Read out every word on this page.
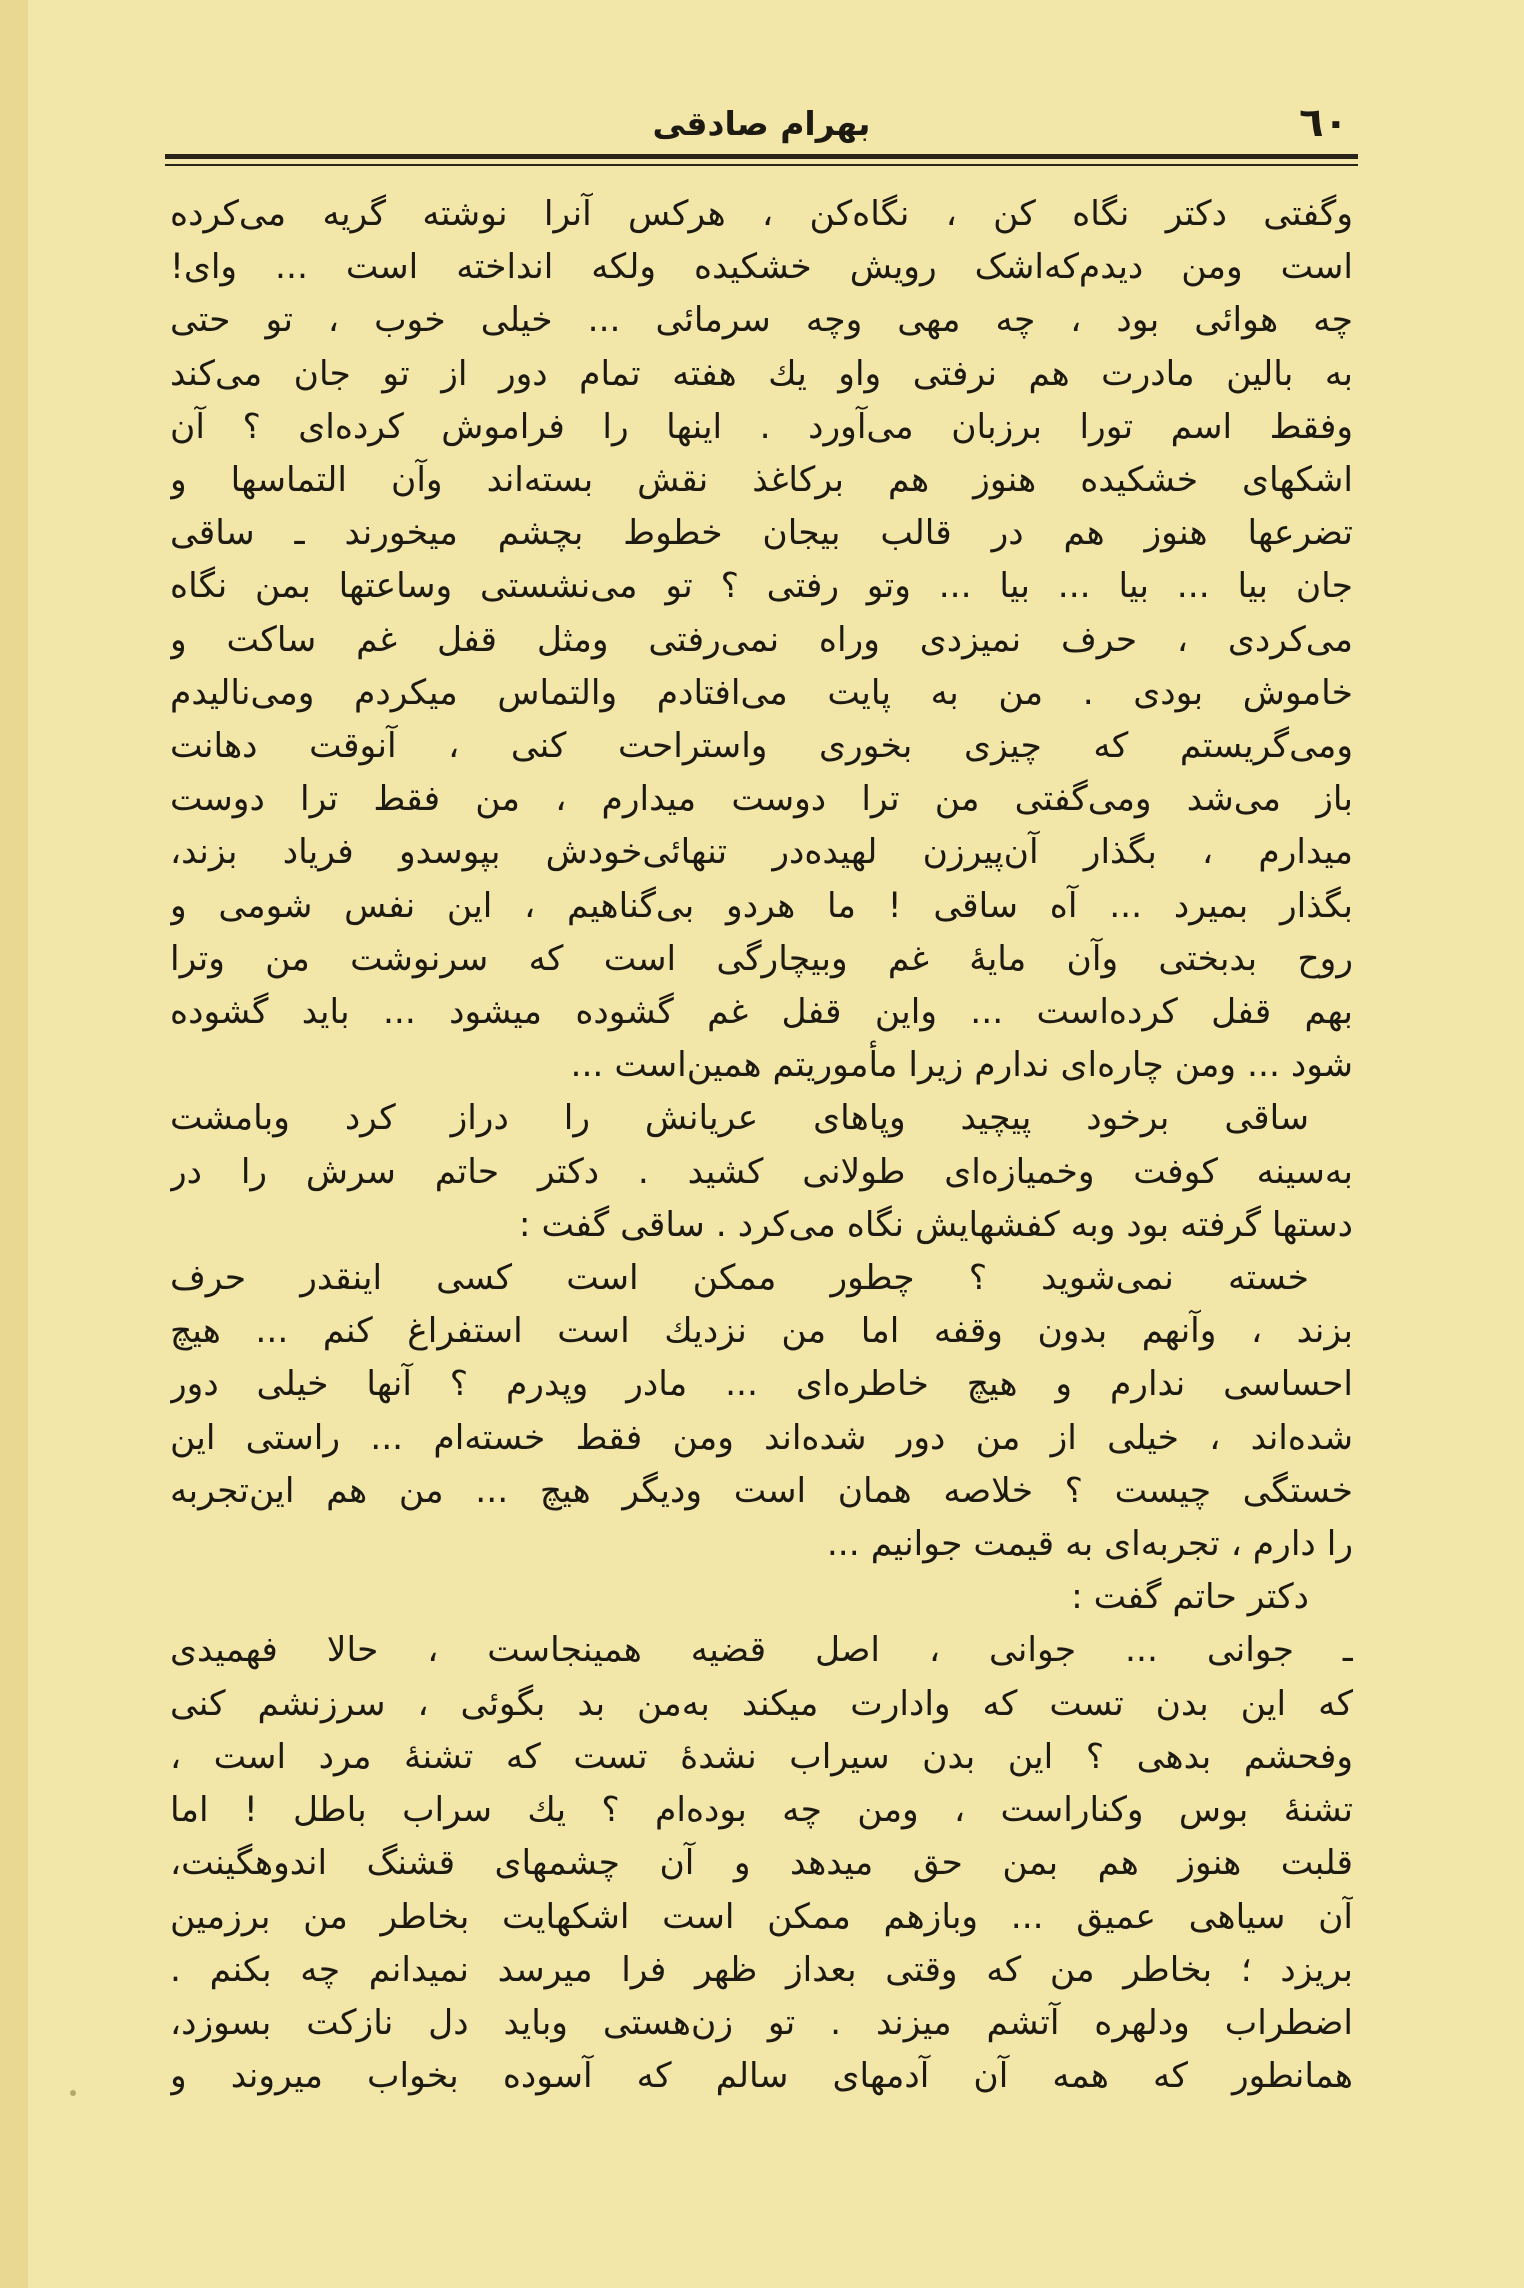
٦٠
بهرام صادقی
وگفتی دکتر نگاه کن ، نگاه‌کن ، هرکس آنرا نوشته گریه می‌کرده
است ومن دیدم‌که‌اشک رویش خشکیده ولکه انداخته است ... وای!
چه هوائی بود ، چه مهی وچه سرمائی ... خیلی خوب ، تو حتی
به بالین مادرت هم نرفتی واو یك هفته تمام دور از تو جان می‌کند
وفقط اسم تورا برزبان می‌آورد . اینها را فراموش کرده‌ای ؟ آن
اشکهای خشکیده هنوز هم برکاغذ نقش بسته‌اند وآن التماسها و
تضرعها هنوز هم در قالب بیجان خطوط بچشم میخورند ـ ساقی
جان بیا ... بیا ... بیا ... وتو رفتی ؟ تو می‌نشستی وساعتها بمن نگاه
می‌کردی ، حرف نمیزدی وراه نمی‌رفتی ومثل قفل غم ساکت و
خاموش بودی . من به پایت می‌افتادم والتماس میکردم ومی‌نالیدم
ومی‌گریستم که چیزی بخوری واستراحت کنی ، آنوقت دهانت
باز می‌شد ومی‌گفتی من ترا دوست میدارم ، من فقط ترا دوست
میدارم ، بگذار آن‌پیرزن لهیده‌در تنهائی‌خودش بپوسدو فریاد بزند،
بگذار بمیرد ... آه ساقی ! ما هردو بی‌گناهیم ، این نفس شومی و
روح بدبختی وآن مایهٔ غم وبیچارگی است که سرنوشت من وترا
بهم قفل کرده‌است ... واین قفل غم گشوده میشود ... باید گشوده
شود ... ومن چاره‌ای ندارم زیرا مأموریتم همین‌است ...
ساقی برخود پیچید وپاهای عریانش را دراز کرد وبامشت
به‌سینه کوفت وخمیازه‌ای طولانی کشید . دکتر حاتم سرش را در
دستها گرفته بود وبه کفشهایش نگاه می‌کرد . ساقی گفت :
خسته نمی‌شوید ؟ چطور ممکن است کسی اینقدر حرف
بزند ، وآنهم بدون وقفه اما من نزدیك است استفراغ کنم ... هیچ
احساسی ندارم و هیچ خاطره‌ای ... مادر وپدرم ؟ آنها خیلی دور
شده‌اند ، خیلی از من دور شده‌اند ومن فقط خسته‌ام ... راستی این
خستگی چیست ؟ خلاصه همان است ودیگر هیچ ... من هم این‌تجربه
را دارم ، تجربه‌ای به قیمت جوانیم ...
دکتر حاتم گفت :
ـ جوانی ... جوانی ، اصل قضیه همینجاست ، حالا فهمیدی
که این بدن تست که وادارت میکند به‌من بد بگوئی ، سرزنشم کنی
وفحشم بدهی ؟ این بدن سیراب نشدهٔ تست که تشنهٔ مرد است ،
تشنهٔ بوس وکناراست ، ومن چه بوده‌ام ؟ یك سراب باطل ! اما
قلبت هنوز هم بمن حق میدهد و آن چشمهای قشنگ اندوهگینت،
آن سیاهی عمیق ... وبازهم ممکن است اشکهایت بخاطر من برزمین
بریزد ؛ بخاطر من که وقتی بعداز ظهر فرا میرسد نمیدانم چه بکنم .
اضطراب ودلهره آتشم میزند . تو زن‌هستی وباید دل نازکت بسوزد،
همانطور که همه آن آدمهای سالم که آسوده بخواب میروند و
